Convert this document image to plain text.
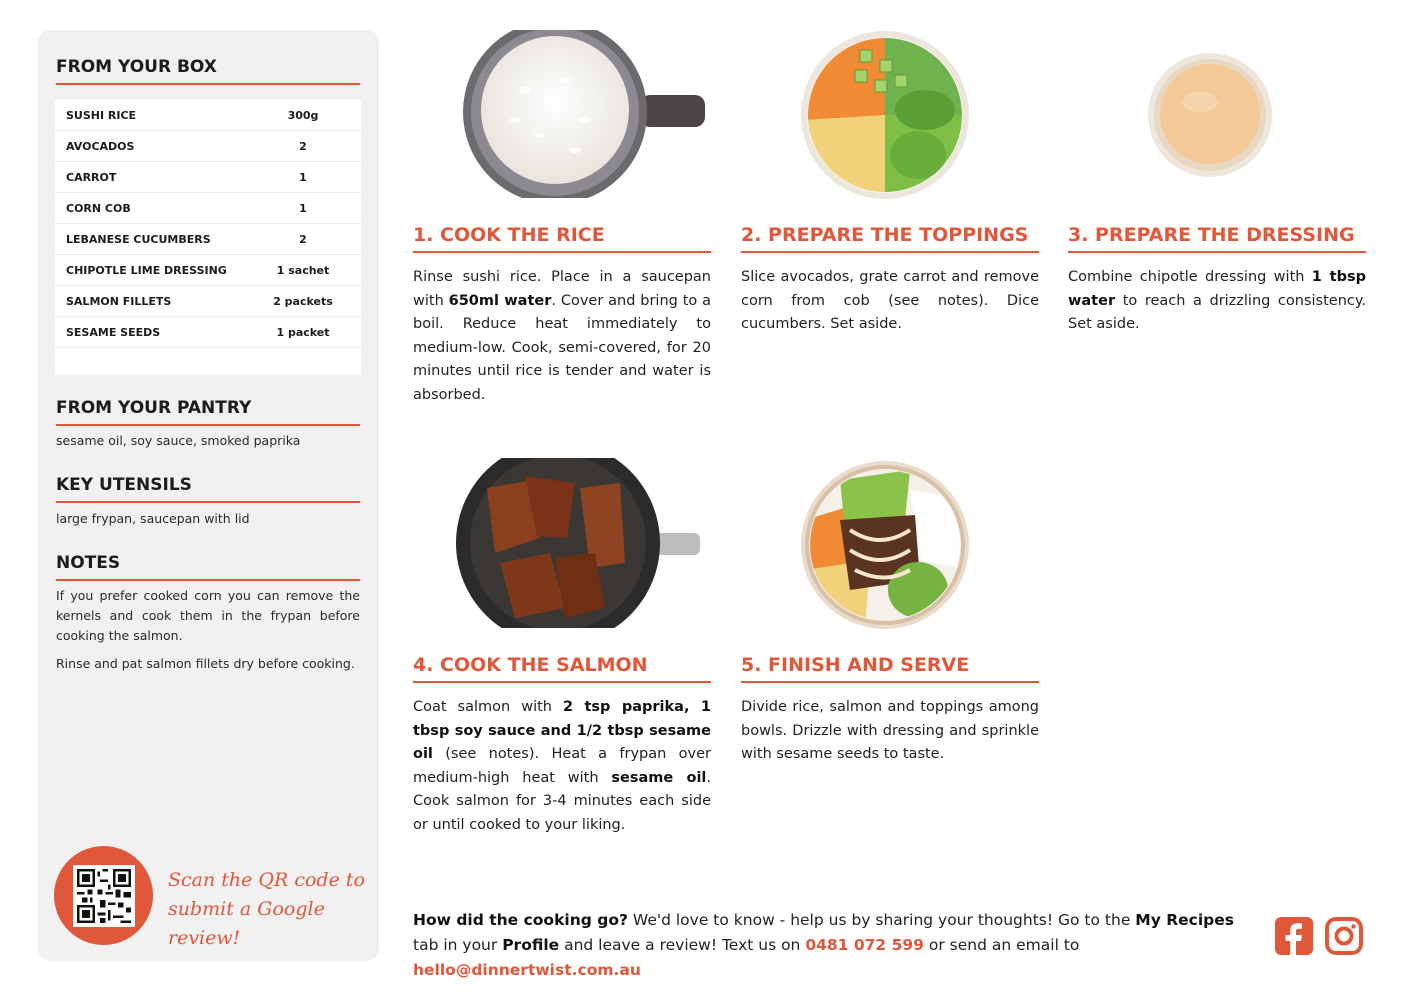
FROM YOUR BOX
SUSHI RICE	300g
AVOCADOS	2
CARROT	1
CORN COB	1
LEBANESE CUCUMBERS	2
CHIPOTLE LIME DRESSING	1 sachet
SALMON FILLETS	2 packets
SESAME SEEDS	1 packet
FROM YOUR PANTRY
sesame oil, soy sauce, smoked paprika
KEY UTENSILS
large frypan, saucepan with lid
NOTES

If you prefer cooked corn you can remove the kernels and cook them in the frypan before cooking the salmon.

Rinse and pat salmon fillets dry before cooking.

Scan the QR code to
submit a Google review!
1. COOK THE RICE
Rinse sushi rice. Place in a saucepan with 650ml water. Cover and bring to a boil. Reduce heat immediately to medium-low. Cook, semi-covered, for 20 minutes until rice is tender and water is absorbed.
2. PREPARE THE TOPPINGS
Slice avocados, grate carrot and remove corn from cob (see notes). Dice cucumbers. Set aside.
3. PREPARE THE DRESSING
Combine chipotle dressing with 1 tbsp water to reach a drizzling consistency. Set aside.
4. COOK THE SALMON
Coat salmon with 2 tsp paprika, 1 tbsp soy sauce and 1/2 tbsp sesame oil (see notes). Heat a frypan over medium-high heat with sesame oil. Cook salmon for 3-4 minutes each side or until cooked to your liking.
5. FINISH AND SERVE
Divide rice, salmon and toppings among bowls. Drizzle with dressing and sprinkle with sesame seeds to taste.
How did the cooking go? We'd love to know - help us by sharing your thoughts! Go to the My Recipes tab in your Profile and leave a review! Text us on 0481 072 599 or send an email to hello@dinnertwist.com.au
